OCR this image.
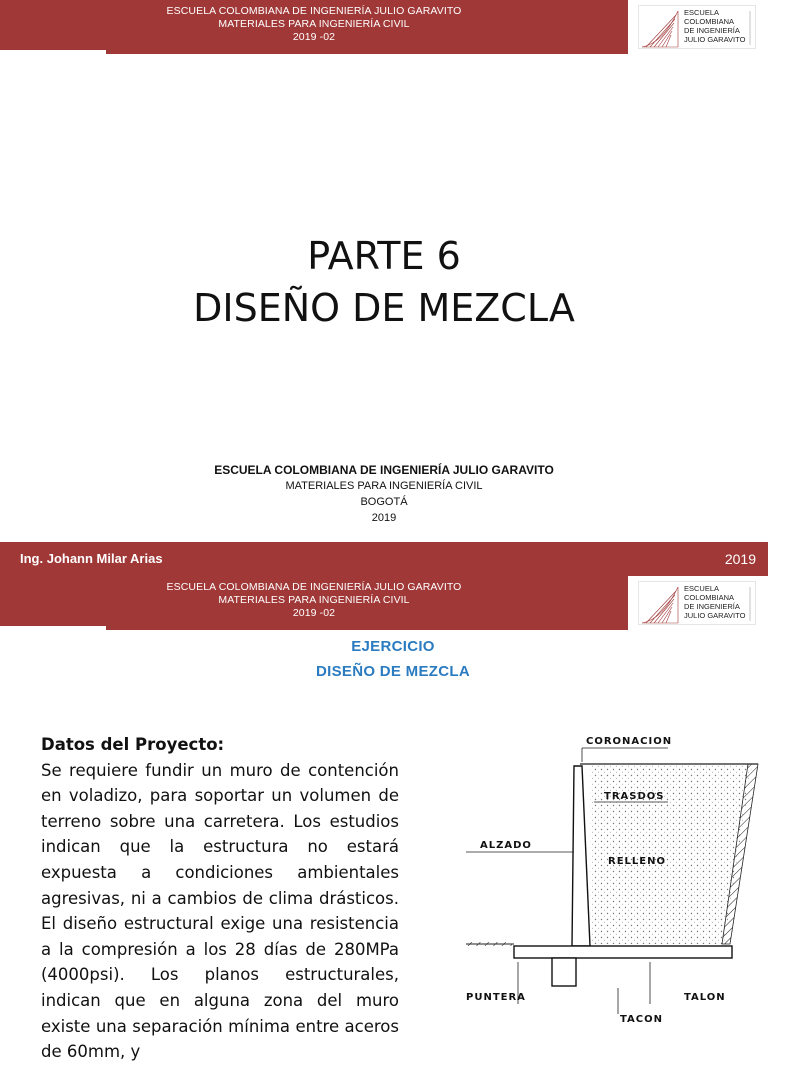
ESCUELA COLOMBIANA DE INGENIERÍA JULIO GARAVITO
MATERIALES PARA INGENIERÍA CIVIL
2019 -02
ESCUELA
COLOMBIANA
DE INGENIERÍA
JULIO GARAVITO
PARTE 6
DISEÑO DE MEZCLA
ESCUELA COLOMBIANA DE INGENIERÍA JULIO GARAVITO
MATERIALES PARA INGENIERÍA CIVIL
BOGOTÁ
2019
Ing. Johann Milar Arias	2019
ESCUELA COLOMBIANA DE INGENIERÍA JULIO GARAVITO
MATERIALES PARA INGENIERÍA CIVIL
2019 -02
ESCUELA
COLOMBIANA
DE INGENIERÍA
JULIO GARAVITO
EJERCICIO
DISEÑO DE MEZCLA
Datos del Proyecto:
Se requiere fundir un muro de contención en voladizo, para soportar un volumen de terreno sobre una carretera. Los estudios indican que la estructura no estará expuesta a condiciones ambientales agresivas, ni a cambios de clima drásticos. El diseño estructural exige una resistencia a la compresión a los 28 días de 280MPa (4000psi). Los planos estructurales, indican que en alguna zona del muro existe una separación mínima entre aceros de 60mm, y
CORONACION
TRASDOS
ALZADO
RELLENO
PUNTERA	TALON
TACON
